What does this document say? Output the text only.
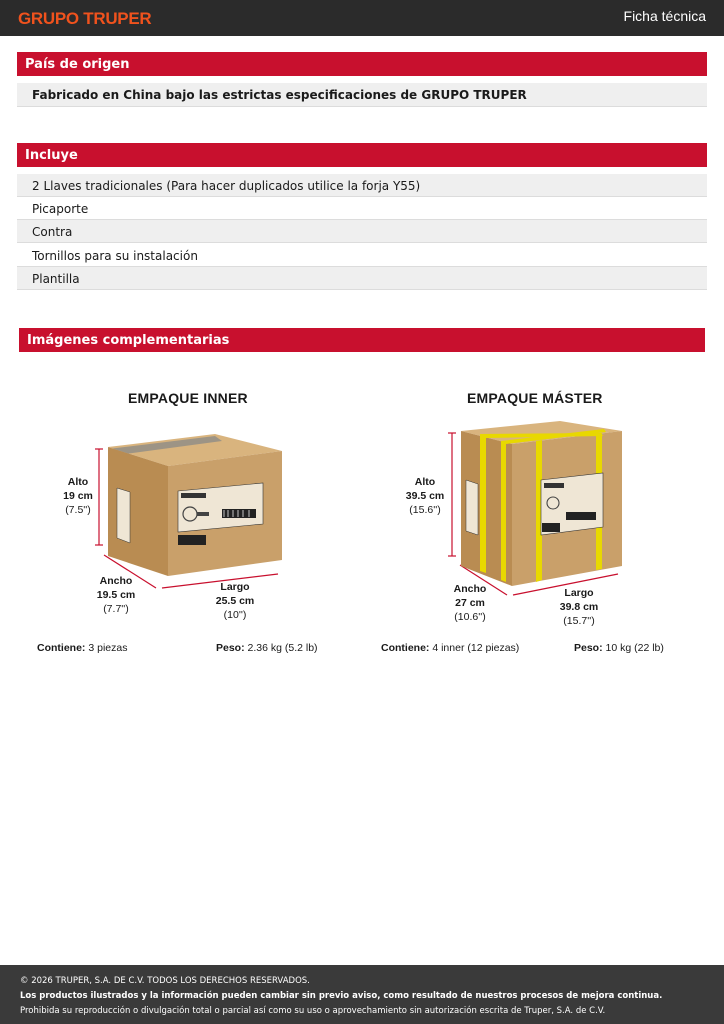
GRUPO TRUPER	Ficha técnica
País de origen
Fabricado en China bajo las estrictas especificaciones de GRUPO TRUPER
Incluye
2 Llaves tradicionales (Para hacer duplicados utilice la forja Y55)
Picaporte
Contra
Tornillos para su instalación
Plantilla
Imágenes complementarias
EMPAQUE INNER
Alto
19 cm
(7.5'')
Ancho
19.5 cm
(7.7'')
Largo
25.5 cm
(10'')
Contiene: 3 piezas	Peso: 2.36 kg (5.2 lb)
EMPAQUE MÁSTER
Alto
39.5 cm
(15.6'')
Ancho
27 cm
(10.6'')
Largo
39.8 cm
(15.7'')
Contiene: 4 inner (12 piezas)	Peso: 10 kg (22 lb)
© 2026 TRUPER, S.A. DE C.V. TODOS LOS DERECHOS RESERVADOS.
Los productos ilustrados y la información pueden cambiar sin previo aviso, como resultado de nuestros procesos de mejora continua.
Prohibida su reproducción o divulgación total o parcial así como su uso o aprovechamiento sin autorización escrita de Truper, S.A. de C.V.
